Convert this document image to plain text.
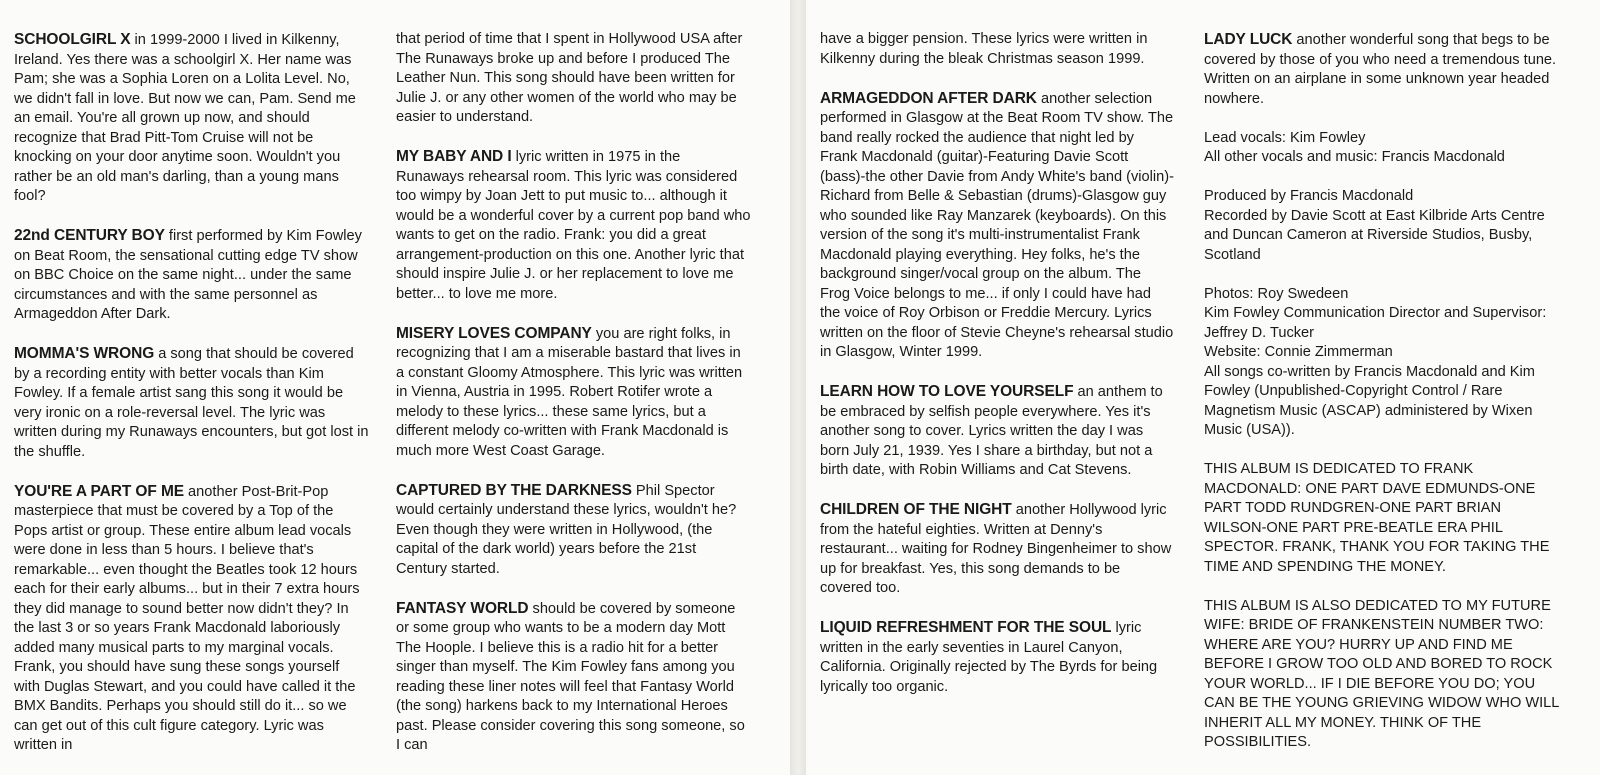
SCHOOLGIRL X in 1999-2000 I lived in Kilkenny, Ireland. Yes there was a schoolgirl X. Her name was Pam; she was a Sophia Loren on a Lolita Level. No, we didn't fall in love. But now we can, Pam. Send me an email. You're all grown up now, and should recognize that Brad Pitt-Tom Cruise will not be knocking on your door anytime soon. Wouldn't you rather be an old man's darling, than a young mans fool?

22nd CENTURY BOY first performed by Kim Fowley on Beat Room, the sensational cutting edge TV show on BBC Choice on the same night... under the same circumstances and with the same personnel as Armageddon After Dark.

MOMMA'S WRONG a song that should be covered by a recording entity with better vocals than Kim Fowley. If a female artist sang this song it would be very ironic on a role-reversal level. The lyric was written during my Runaways encounters, but got lost in the shuffle.

YOU'RE A PART OF ME another Post-Brit-Pop masterpiece that must be covered by a Top of the Pops artist or group. These entire album lead vocals were done in less than 5 hours. I believe that's remarkable... even thought the Beatles took 12 hours each for their early albums... but in their 7 extra hours they did manage to sound better now didn't they? In the last 3 or so years Frank Macdonald laboriously added many musical parts to my marginal vocals. Frank, you should have sung these songs yourself with Duglas Stewart, and you could have called it the BMX Bandits. Perhaps you should still do it... so we can get out of this cult figure category. Lyric was written in

that period of time that I spent in Hollywood USA after The Runaways broke up and before I produced The Leather Nun. This song should have been written for Julie J. or any other women of the world who may be easier to understand.

MY BABY AND I lyric written in 1975 in the Runaways rehearsal room. This lyric was considered too wimpy by Joan Jett to put music to... although it would be a wonderful cover by a current pop band who wants to get on the radio. Frank: you did a great arrangement-production on this one. Another lyric that should inspire Julie J. or her replacement to love me better... to love me more.

MISERY LOVES COMPANY you are right folks, in recognizing that I am a miserable bastard that lives in a constant Gloomy Atmosphere. This lyric was written in Vienna, Austria in 1995. Robert Rotifer wrote a melody to these lyrics... these same lyrics, but a different melody co-written with Frank Macdonald is much more West Coast Garage.

CAPTURED BY THE DARKNESS Phil Spector would certainly understand these lyrics, wouldn't he? Even though they were written in Hollywood, (the capital of the dark world) years before the 21st Century started.

FANTASY WORLD should be covered by someone or some group who wants to be a modern day Mott The Hoople. I believe this is a radio hit for a better singer than myself. The Kim Fowley fans among you reading these liner notes will feel that Fantasy World (the song) harkens back to my International Heroes past. Please consider covering this song someone, so I can

have a bigger pension. These lyrics were written in Kilkenny during the bleak Christmas season 1999.

ARMAGEDDON AFTER DARK another selection performed in Glasgow at the Beat Room TV show. The band really rocked the audience that night led by Frank Macdonald (guitar)-Featuring Davie Scott (bass)-the other Davie from Andy White's band (violin)-Richard from Belle & Sebastian (drums)-Glasgow guy who sounded like Ray Manzarek (keyboards). On this version of the song it's multi-instrumentalist Frank Macdonald playing everything. Hey folks, he's the background singer/vocal group on the album. The Frog Voice belongs to me... if only I could have had the voice of Roy Orbison or Freddie Mercury. Lyrics written on the floor of Stevie Cheyne's rehearsal studio in Glasgow, Winter 1999.

LEARN HOW TO LOVE YOURSELF an anthem to be embraced by selfish people everywhere. Yes it's another song to cover. Lyrics written the day I was born July 21, 1939. Yes I share a birthday, but not a birth date, with Robin Williams and Cat Stevens.

CHILDREN OF THE NIGHT another Hollywood lyric from the hateful eighties. Written at Denny's restaurant... waiting for Rodney Bingenheimer to show up for breakfast. Yes, this song demands to be covered too.

LIQUID REFRESHMENT FOR THE SOUL lyric written in the early seventies in Laurel Canyon, California. Originally rejected by The Byrds for being lyrically too organic.

LADY LUCK another wonderful song that begs to be covered by those of you who need a tremendous tune. Written on an airplane in some unknown year headed nowhere.

Lead vocals: Kim Fowley
All other vocals and music: Francis Macdonald

Produced by Francis Macdonald
Recorded by Davie Scott at East Kilbride Arts Centre and Duncan Cameron at Riverside Studios, Busby, Scotland

Photos: Roy Swedeen
Kim Fowley Communication Director and Supervisor: Jeffrey D. Tucker
Website: Connie Zimmerman
All songs co-written by Francis Macdonald and Kim Fowley (Unpublished-Copyright Control / Rare Magnetism Music (ASCAP) administered by Wixen Music (USA)).

THIS ALBUM IS DEDICATED TO FRANK MACDONALD: ONE PART DAVE EDMUNDS-ONE PART TODD RUNDGREN-ONE PART BRIAN WILSON-ONE PART PRE-BEATLE ERA PHIL SPECTOR. FRANK, THANK YOU FOR TAKING THE TIME AND SPENDING THE MONEY.

THIS ALBUM IS ALSO DEDICATED TO MY FUTURE WIFE: BRIDE OF FRANKENSTEIN NUMBER TWO: WHERE ARE YOU? HURRY UP AND FIND ME BEFORE I GROW TOO OLD AND BORED TO ROCK YOUR WORLD... IF I DIE BEFORE YOU DO; YOU CAN BE THE YOUNG GRIEVING WIDOW WHO WILL INHERIT ALL MY MONEY. THINK OF THE POSSIBILITIES.
